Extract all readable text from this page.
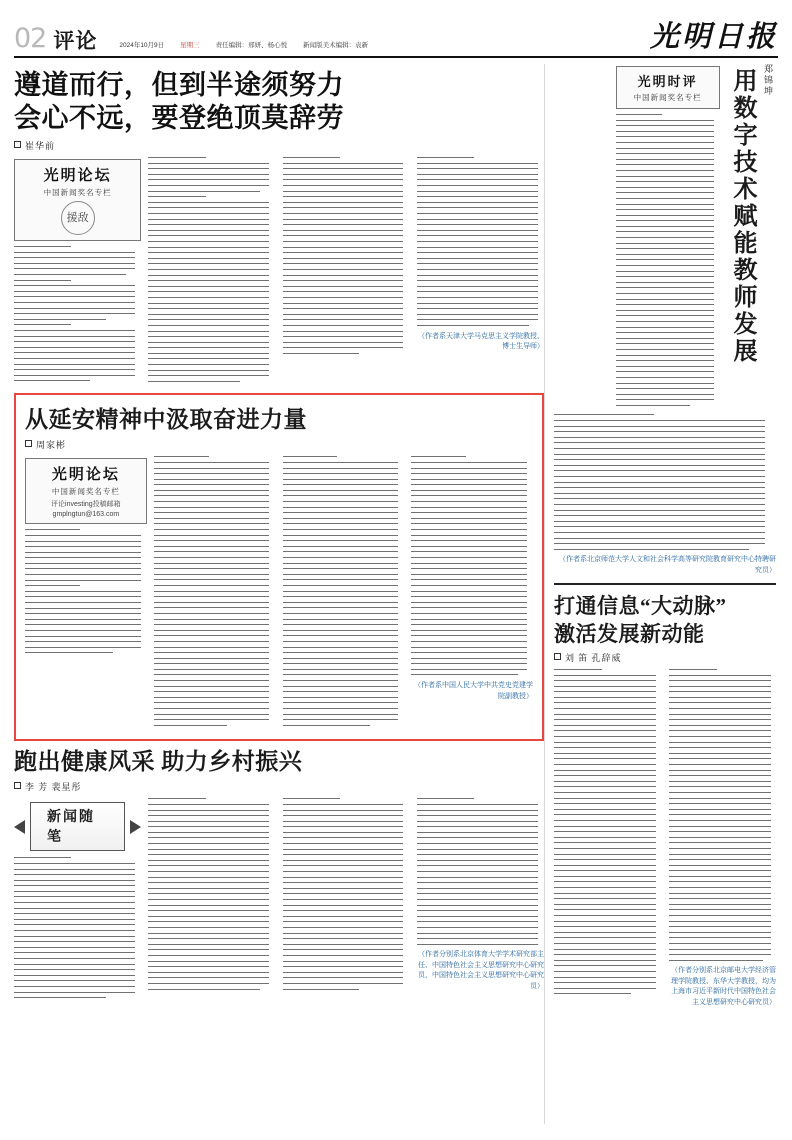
02 评论	2024年10月9日 星期三 责任编辑：邢妍、杨心悦 新闻版美术编辑：袁新	光明日报
遵道而行，但到半途须努力
会心不远，要登绝顶莫辞劳
崔华前
光明论坛
中国新闻奖名专栏
援敌
（作者系天津大学马克思主义学院教授、 博士生导师）
从延安精神中汲取奋进力量
周家彬
光明论坛
中国新闻奖名专栏
评论investing投稿邮箱
gmplngtun@163.com
（作者系中国人民大学中共党史党建学院副教授）
跑出健康风采 助力乡村振兴
李 芳 裴星彤
新闻随笔
（作者分别系北京体育大学学术研究部主任、中国特色社会主义思想研究中心研究员，中国特色社会主义思想研究中心研究员）
用数字技术赋能教师发展 郑锦坤
光明时评
中国新闻奖名专栏
（作者系北京师范大学人文和社会科学高等研究院教育研究中心特聘研究员）
打通信息“大动脉”
激活发展新动能
刘 笛 孔辞威
（作者分别系北京邮电大学经济管理学院教授、东华大学教授，均为上海市习近平新时代中国特色社会主义思想研究中心研究员）
